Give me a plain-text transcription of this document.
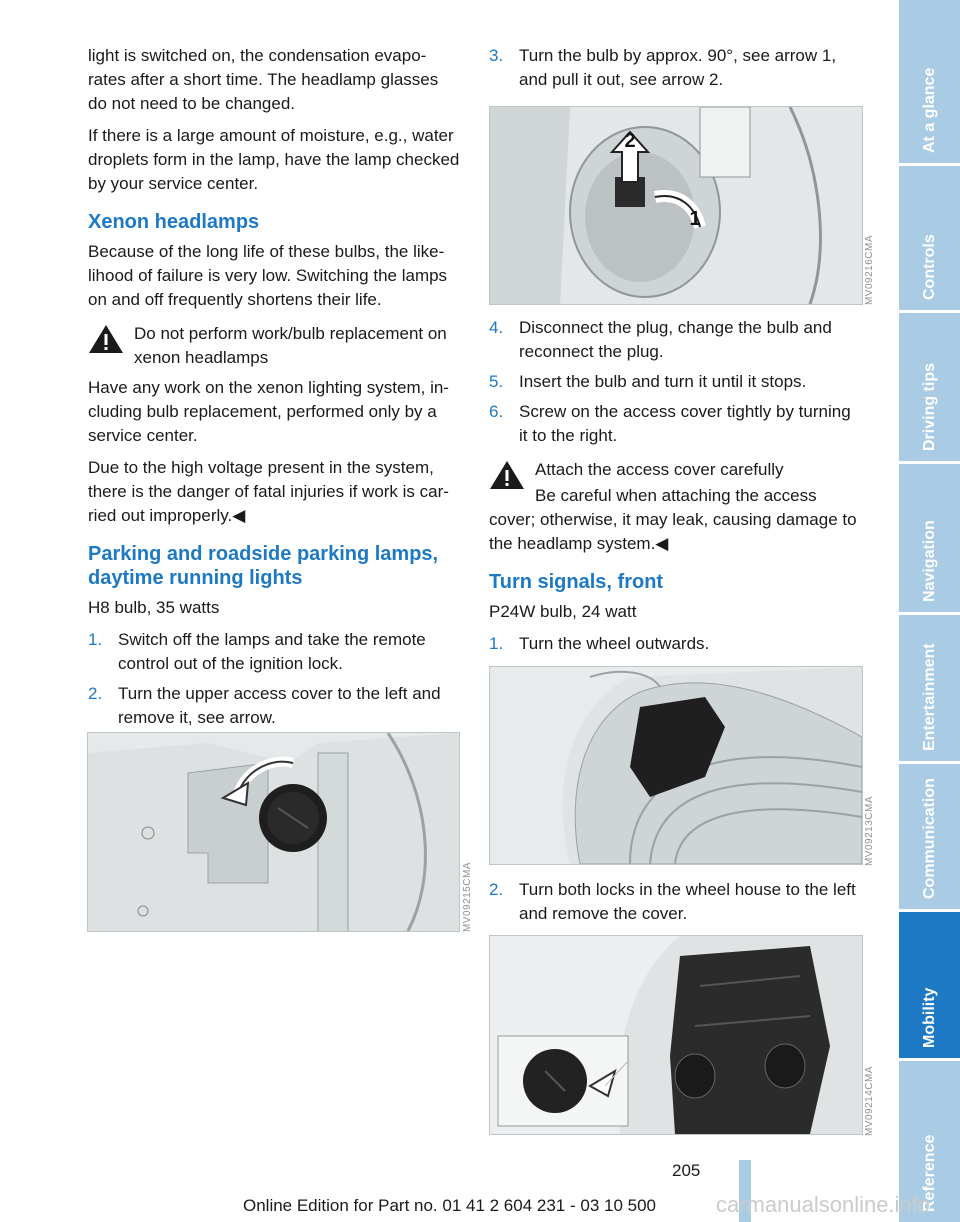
light is switched on, the condensation evapo-rates after a short time. The headlamp glasses do not need to be changed.

If there is a large amount of moisture, e.g., water droplets form in the lamp, have the lamp checked by your service center.

Xenon headlamps

Because of the long life of these bulbs, the like-lihood of failure is very low. Switching the lamps on and off frequently shortens their life.

Do not perform work/bulb replacement on xenon headlamps

Have any work on the xenon lighting system, in-cluding bulb replacement, performed only by a service center.

Due to the high voltage present in the system, there is the danger of fatal injuries if work is car-ried out improperly.◀

Parking and roadside parking lamps, daytime running lights

H8 bulb, 35 watts

1. Switch off the lamps and take the remote control out of the ignition lock.
2. Turn the upper access cover to the left and remove it, see arrow.
MV09215CMA
3. Turn the bulb by approx. 90°, see arrow 1, and pull it out, see arrow 2.
2
1
MV09216CMA
4. Disconnect the plug, change the bulb and reconnect the plug.
5. Insert the bulb and turn it until it stops.
6. Screw on the access cover tightly by turning it to the right.
Attach the access cover carefully
Be careful when attaching the access cover; otherwise, it may leak, causing damage to the headlamp system.◀
Turn signals, front

P24W bulb, 24 watt

1. Turn the wheel outwards.
MV09213CMA
2. Turn both locks in the wheel house to the left and remove the cover.
MV09214CMA
At a glance
Controls
Driving tips
Navigation
Entertainment
Communication
Mobility
Reference
205
Online Edition for Part no. 01 41 2 604 231 - 03 10 500	carmanualsonline.info
